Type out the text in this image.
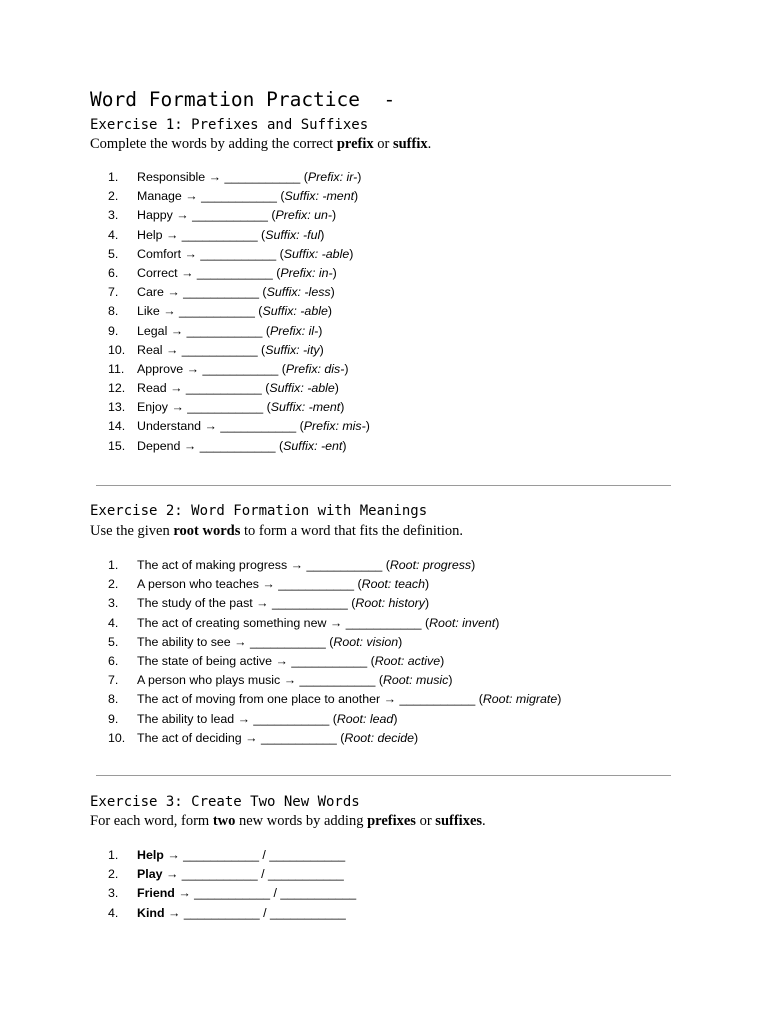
Word Formation Practice  -
Exercise 1: Prefixes and Suffixes
Complete the words by adding the correct prefix or suffix.
1.	Responsible → ___________ (Prefix: ir-)
2.	Manage → ___________ (Suffix: -ment)
3.	Happy → ___________ (Prefix: un-)
4.	Help → ___________ (Suffix: -ful)
5.	Comfort → ___________ (Suffix: -able)
6.	Correct → ___________ (Prefix: in-)
7.	Care → ___________ (Suffix: -less)
8.	Like → ___________ (Suffix: -able)
9.	Legal → ___________ (Prefix: il-)
10. Real → ___________ (Suffix: -ity)
11.	Approve → ___________ (Prefix: dis-)
12. Read → ___________ (Suffix: -able)
13. Enjoy → ___________ (Suffix: -ment)
14. Understand → ___________ (Prefix: mis-)
15. Depend → ___________ (Suffix: -ent)
Exercise 2: Word Formation with Meanings
Use the given root words to form a word that fits the definition.
1.	The act of making progress → ___________ (Root: progress)
2.	A person who teaches → ___________ (Root: teach)
3.	The study of the past → ___________ (Root: history)
4.	The act of creating something new → ___________ (Root: invent)
5.	The ability to see → ___________ (Root: vision)
6.	The state of being active → ___________ (Root: active)
7.	A person who plays music → ___________ (Root: music)
8.	The act of moving from one place to another → ___________ (Root: migrate)
9.	The ability to lead → ___________ (Root: lead)
10. The act of deciding → ___________ (Root: decide)
Exercise 3: Create Two New Words
For each word, form two new words by adding prefixes or suffixes.
1.	Help → ___________ / ___________
2.	Play → ___________ / ___________
3.	Friend → ___________ / ___________
4.	Kind → ___________ / ___________
